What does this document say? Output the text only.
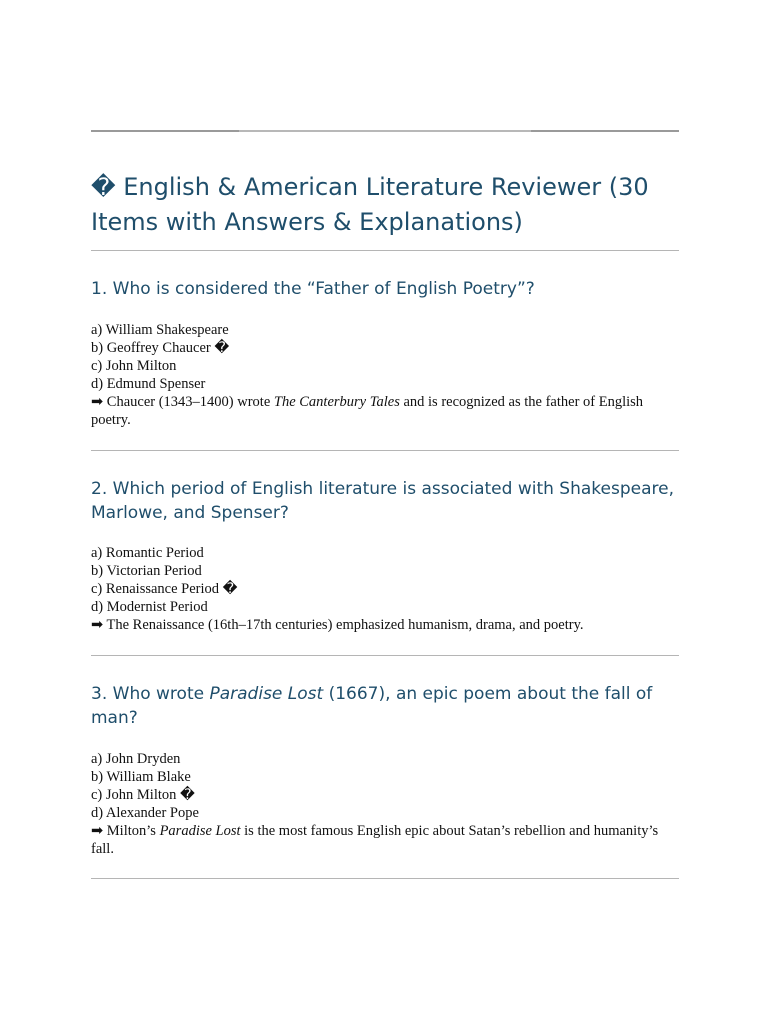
� English & American Literature Reviewer (30 Items with Answers & Explanations)
1. Who is considered the “Father of English Poetry”?
a) William Shakespeare
b) Geoffrey Chaucer �
c) John Milton
d) Edmund Spenser

➡ Chaucer (1343–1400) wrote The Canterbury Tales and is recognized as the father of English poetry.

2. Which period of English literature is associated with Shakespeare, Marlowe, and Spenser?
a) Romantic Period
b) Victorian Period
c) Renaissance Period �
d) Modernist Period

➡ The Renaissance (16th–17th centuries) emphasized humanism, drama, and poetry.

3. Who wrote Paradise Lost (1667), an epic poem about the fall of man?
a) John Dryden
b) William Blake
c) John Milton �
d) Alexander Pope

➡ Milton’s Paradise Lost is the most famous English epic about Satan’s rebellion and humanity’s fall.
